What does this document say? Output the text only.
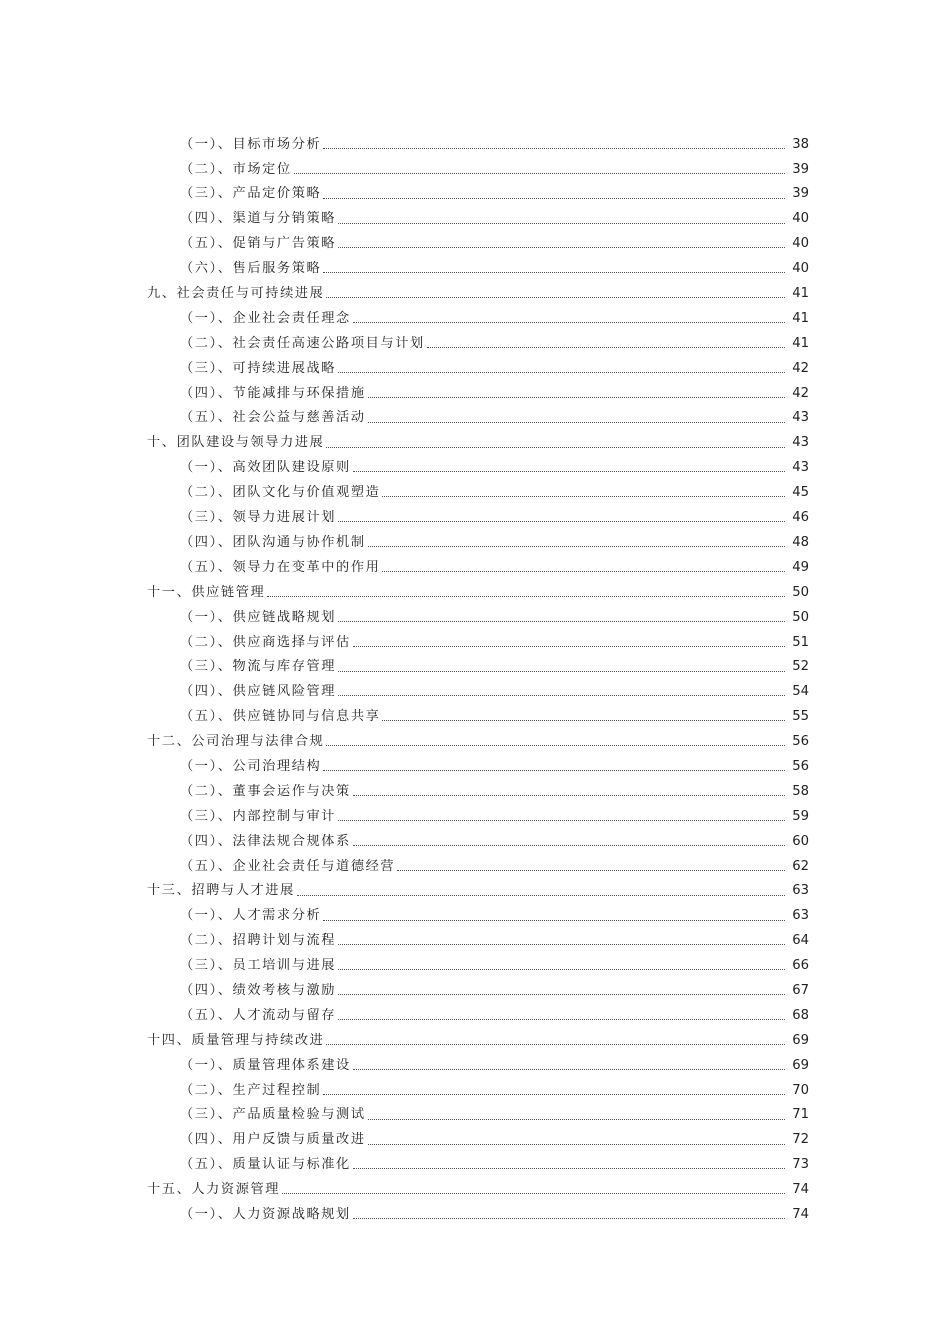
（一）、目标市场分析	38
（二）、市场定位	39
（三）、产品定价策略	39
（四）、渠道与分销策略	40
（五）、促销与广告策略	40
（六）、售后服务策略	40
九、社会责任与可持续进展	41
（一）、企业社会责任理念	41
（二）、社会责任高速公路项目与计划	41
（三）、可持续进展战略	42
（四）、节能减排与环保措施	42
（五）、社会公益与慈善活动	43
十、团队建设与领导力进展	43
（一）、高效团队建设原则	43
（二）、团队文化与价值观塑造	45
（三）、领导力进展计划	46
（四）、团队沟通与协作机制	48
（五）、领导力在变革中的作用	49
十一、供应链管理	50
（一）、供应链战略规划	50
（二）、供应商选择与评估	51
（三）、物流与库存管理	52
（四）、供应链风险管理	54
（五）、供应链协同与信息共享	55
十二、公司治理与法律合规	56
（一）、公司治理结构	56
（二）、董事会运作与决策	58
（三）、内部控制与审计	59
（四）、法律法规合规体系	60
（五）、企业社会责任与道德经营	62
十三、招聘与人才进展	63
（一）、人才需求分析	63
（二）、招聘计划与流程	64
（三）、员工培训与进展	66
（四）、绩效考核与激励	67
（五）、人才流动与留存	68
十四、质量管理与持续改进	69
（一）、质量管理体系建设	69
（二）、生产过程控制	70
（三）、产品质量检验与测试	71
（四）、用户反馈与质量改进	72
（五）、质量认证与标准化	73
十五、人力资源管理	74
（一）、人力资源战略规划	74
